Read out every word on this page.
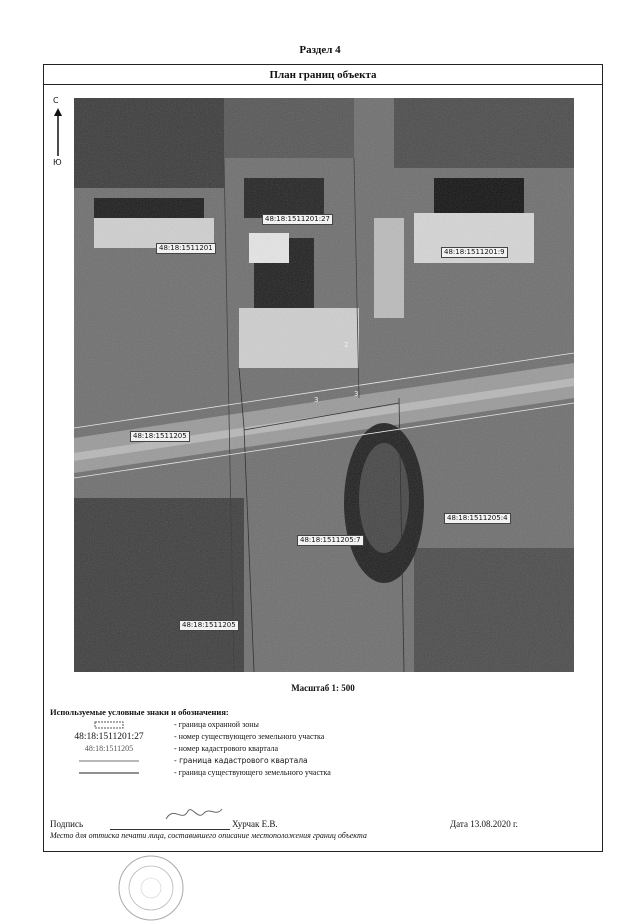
Раздел 4
План границ объекта
С
Ю
48:18:1511201:27
48:18:1511201	48:18:1511201:9
48:18:1511205
48:18:1511205:7
48:18:1511205:4
48:18:1511205
2
3
3
Масштаб 1: 500
Используемые условные знаки и обозначения:
- граница охранной зоны
48:18:1511201:27	- номер существующего земельного участка
48:18:1511205	- номер кадастрового квартала
- граница кадастрового квартала
- граница существующего земельного участка
Подпись	Хурчак Е.В.	Дата 13.08.2020 г.
Место для оттиска печати лица, составившего описание местоположения границ объекта
